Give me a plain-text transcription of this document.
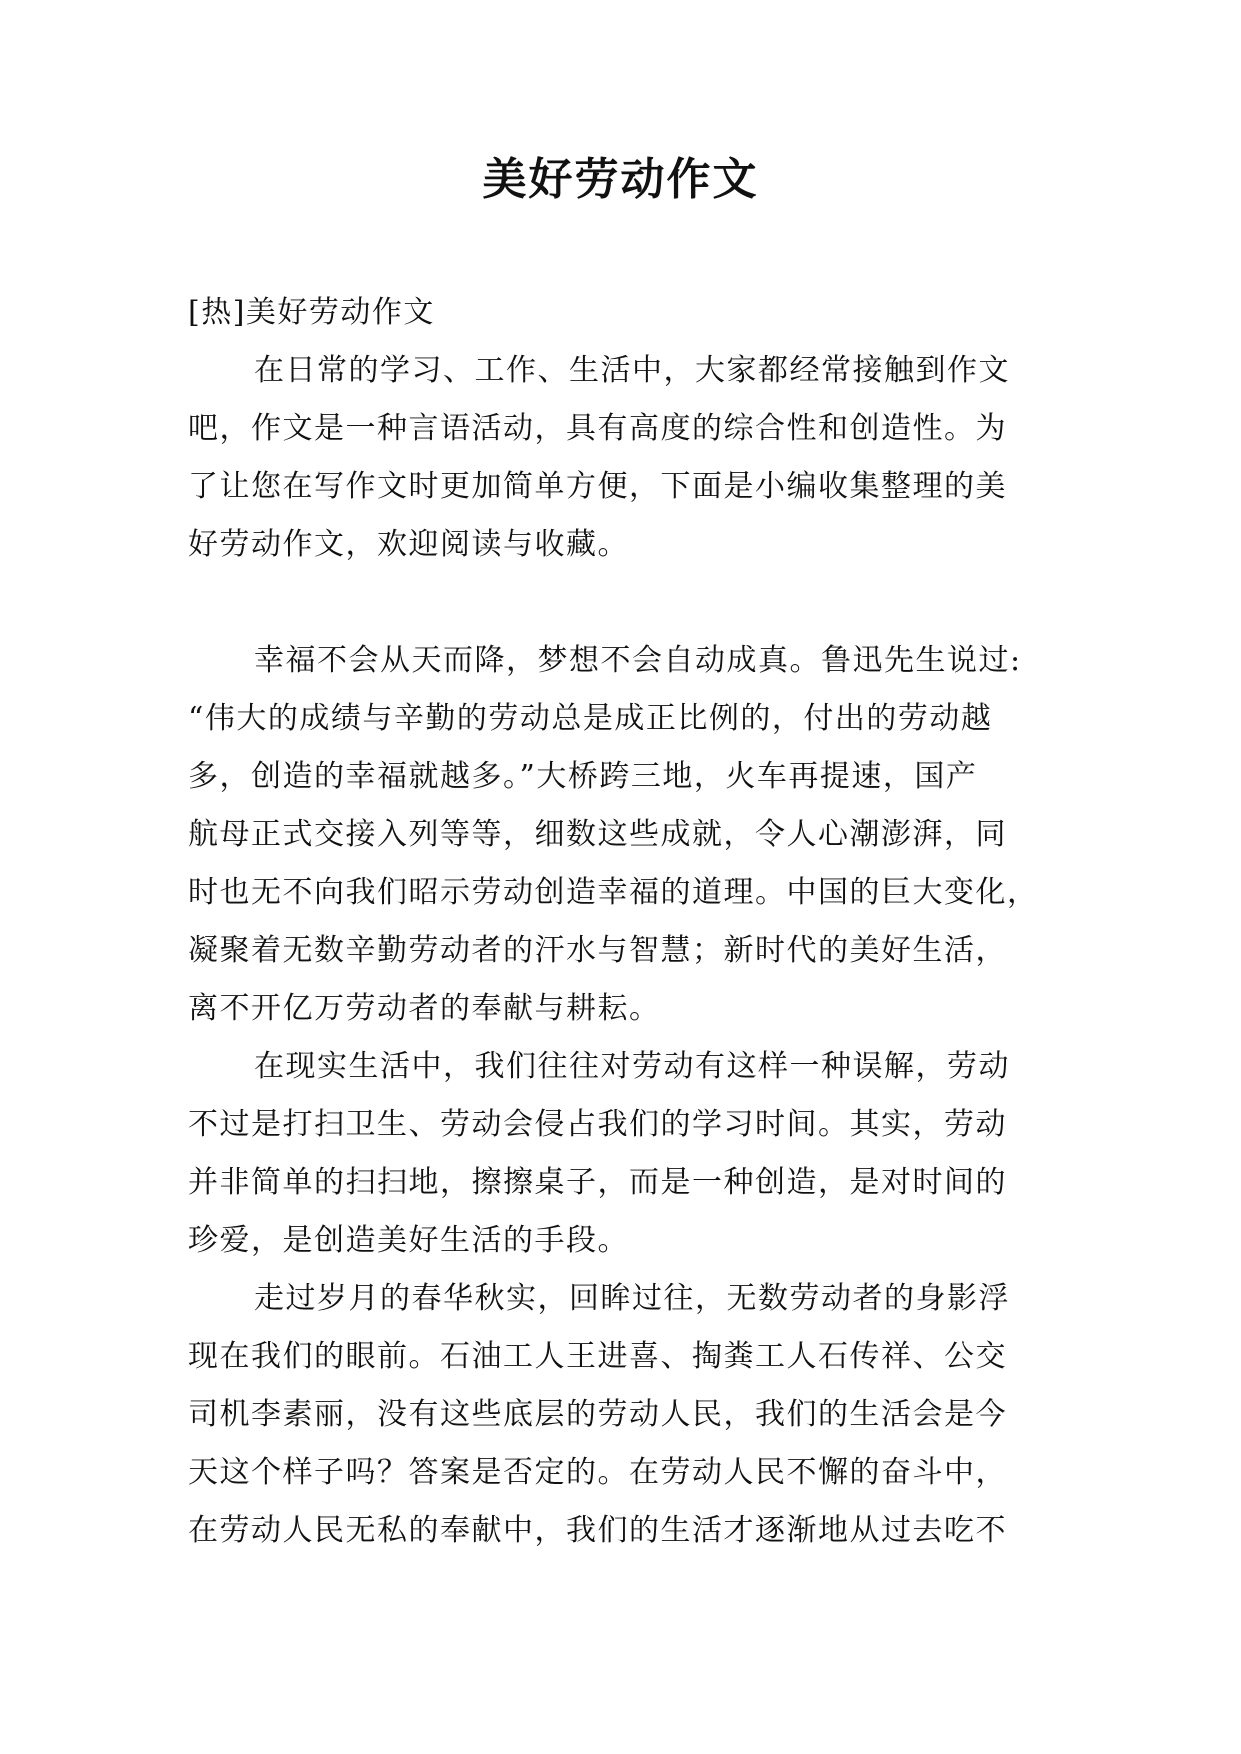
美好劳动作文
[热]美好劳动作文
在日常的学习、工作、生活中，大家都经常接触到作文
吧，作文是一种言语活动，具有高度的综合性和创造性。为
了让您在写作文时更加简单方便，下面是小编收集整理的美
好劳动作文，欢迎阅读与收藏。
幸福不会从天而降，梦想不会自动成真。鲁迅先生说过:
“伟大的成绩与辛勤的劳动总是成正比例的，付出的劳动越
多，创造的幸福就越多。”大桥跨三地，火车再提速，国产
航母正式交接入列等等，细数这些成就，令人心潮澎湃，同
时也无不向我们昭示劳动创造幸福的道理。中国的巨大变化，
凝聚着无数辛勤劳动者的汗水与智慧；新时代的美好生活，
离不开亿万劳动者的奉献与耕耘。
在现实生活中，我们往往对劳动有这样一种误解，劳动
不过是打扫卫生、劳动会侵占我们的学习时间。其实，劳动
并非简单的扫扫地，擦擦桌子，而是一种创造，是对时间的
珍爱，是创造美好生活的手段。
走过岁月的春华秋实，回眸过往，无数劳动者的身影浮
现在我们的眼前。石油工人王进喜、掏粪工人石传祥、公交
司机李素丽，没有这些底层的劳动人民，我们的生活会是今
天这个样子吗？答案是否定的。在劳动人民不懈的奋斗中，
在劳动人民无私的奉献中，我们的生活才逐渐地从过去吃不
